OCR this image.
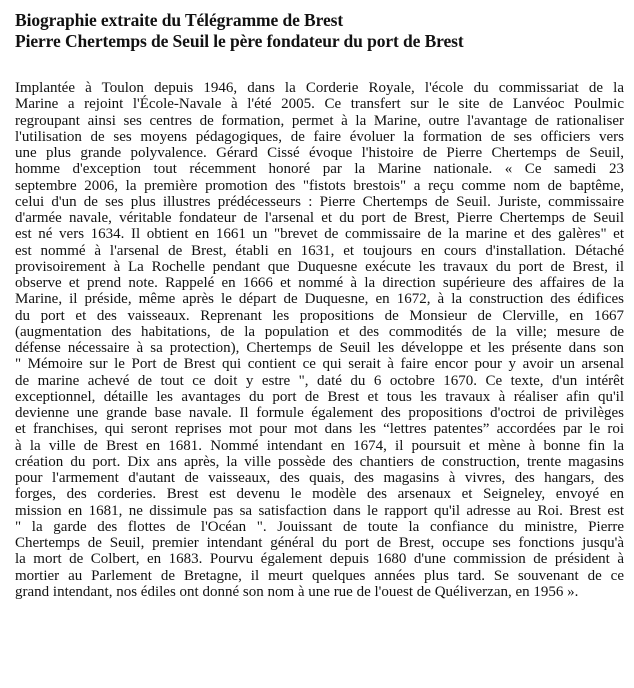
Biographie extraite du Télégramme de Brest
Pierre Chertemps de Seuil le père fondateur du port de Brest
Implantée à Toulon depuis 1946, dans la Corderie Royale, l'école du commissariat de la
Marine a rejoint l'École-Navale à l'été 2005. Ce transfert sur le site de Lanvéoc Poulmic
regroupant ainsi ses centres de formation, permet à la Marine, outre l'avantage de rationaliser
l'utilisation de ses moyens pédagogiques, de faire évoluer la formation de ses officiers vers
une plus grande polyvalence. Gérard Cissé évoque l'histoire de Pierre Chertemps de Seuil,
homme d'exception tout récemment honoré par la Marine nationale. « Ce samedi 23
septembre 2006, la première promotion des "fistots brestois" a reçu comme nom de baptême,
celui d'un de ses plus illustres prédécesseurs : Pierre Chertemps de Seuil. Juriste, commissaire
d'armée navale, véritable fondateur de l'arsenal et du port de Brest, Pierre Chertemps de Seuil
est né vers 1634. Il obtient en 1661 un "brevet de commissaire de la marine et des galères" et
est nommé à l'arsenal de Brest, établi en 1631, et toujours en cours d'installation. Détaché
provisoirement à La Rochelle pendant que Duquesne exécute les travaux du port de Brest, il
observe et prend note. Rappelé en 1666 et nommé à la direction supérieure des affaires de la
Marine, il préside, même après le départ de Duquesne, en 1672, à la construction des édifices
du port et des vaisseaux. Reprenant les propositions de Monsieur de Clerville, en 1667
(augmentation des habitations, de la population et des commodités de la ville; mesure de
défense nécessaire à sa protection), Chertemps de Seuil les développe et les présente dans son
" Mémoire sur le Port de Brest qui contient ce qui serait à faire encor pour y avoir un arsenal
de marine achevé de tout ce doit y estre ", daté du 6 octobre 1670. Ce texte, d'un intérêt
exceptionnel, détaille les avantages du port de Brest et tous les travaux à réaliser afin qu'il
devienne une grande base navale. Il formule également des propositions d'octroi de privilèges
et franchises, qui seront reprises mot pour mot dans les “lettres patentes” accordées par le roi
à la ville de Brest en 1681. Nommé intendant en 1674, il poursuit et mène à bonne fin la
création du port. Dix ans après, la ville possède des chantiers de construction, trente magasins
pour l'armement d'autant de vaisseaux, des quais, des magasins à vivres, des hangars, des
forges, des corderies. Brest est devenu le modèle des arsenaux et Seigneley, envoyé en
mission en 1681, ne dissimule pas sa satisfaction dans le rapport qu'il adresse au Roi. Brest est
" la garde des flottes de l'Océan ". Jouissant de toute la confiance du ministre, Pierre
Chertemps de Seuil, premier intendant général du port de Brest, occupe ses fonctions jusqu'à
la mort de Colbert, en 1683. Pourvu également depuis 1680 d'une commission de président à
mortier au Parlement de Bretagne, il meurt quelques années plus tard. Se souvenant de ce
grand intendant, nos édiles ont donné son nom à une rue de l'ouest de Quéliverzan, en 1956 ».
